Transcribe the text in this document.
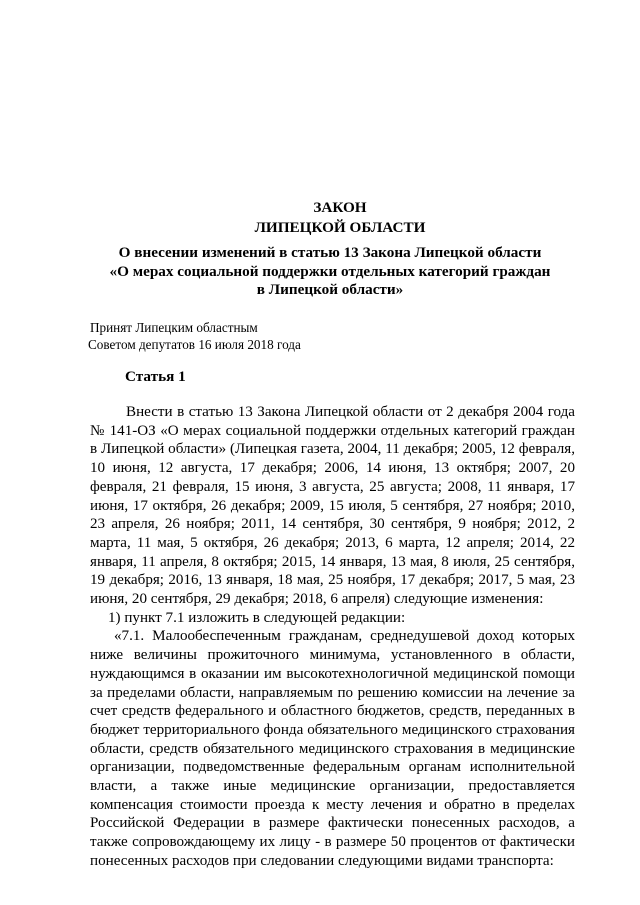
ЗАКОН
ЛИПЕЦКОЙ ОБЛАСТИ
О внесении изменений в статью 13 Закона Липецкой области
«О мерах социальной поддержки отдельных категорий граждан
в Липецкой области»
Принят Липецким областным
Советом депутатов 16 июля 2018 года
Статья 1

Внести в статью 13 Закона Липецкой области от 2 декабря 2004 года № 141-ОЗ «О мерах социальной поддержки отдельных категорий граждан в Липецкой области» (Липецкая газета, 2004, 11 декабря; 2005, 12 февраля, 10 июня, 12 августа, 17 декабря; 2006, 14 июня, 13 октября; 2007, 20 февраля, 21 февраля, 15 июня, 3 августа, 25 августа; 2008, 11 января, 17 июня, 17 октября, 26 декабря; 2009, 15 июля, 5 сентября, 27 ноября; 2010, 23 апреля, 26 ноября; 2011, 14 сентября, 30 сентября, 9 ноября; 2012, 2 марта, 11 мая, 5 октября, 26 декабря; 2013, 6 марта, 12 апреля; 2014, 22 января, 11 апреля, 8 октября; 2015, 14 января, 13 мая, 8 июля, 25 сентября, 19 декабря; 2016, 13 января, 18 мая, 25 ноября, 17 декабря; 2017, 5 мая, 23 июня, 20 сентября, 29 декабря; 2018, 6 апреля) следующие изменения:

1) пункт 7.1 изложить в следующей редакции:

«7.1. Малообеспеченным гражданам, среднедушевой доход которых ниже величины прожиточного минимума, установленного в области, нуждающимся в оказании им высокотехнологичной медицинской помощи за пределами области, направляемым по решению комиссии на лечение за счет средств федерального и областного бюджетов, средств, переданных в бюджет территориального фонда обязательного медицинского страхования области, средств обязательного медицинского страхования в медицинские организации, подведомственные федеральным органам исполнительной власти, а также иные медицинские организации, предоставляется компенсация стоимости проезда к месту лечения и обратно в пределах Российской Федерации в размере фактически понесенных расходов, а также сопровождающему их лицу - в размере 50 процентов от фактически понесенных расходов при следовании следующими видами транспорта:
